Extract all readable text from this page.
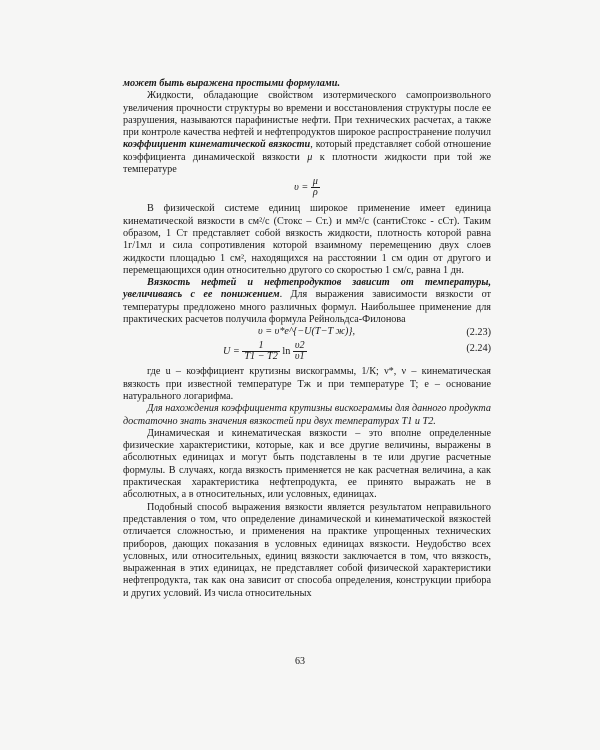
может быть выражена простыми формулами.

Жидкости, обладающие свойством изотермического самопроизвольного увеличения прочности структуры во времени и восстановления структуры после ее разрушения, называются парафинистые нефти. При технических расчетах, а также при контроле качества нефтей и нефтепродуктов широкое распространение получил коэффициент кинематической вязкости, который представляет собой отношение коэффициента динамической вязкости μ к плотности жидкости при той же температуре

$\upsilon = \frac{\mu}{\rho}$

В физической системе единиц широкое применение имеет единица кинематической вязкости в см²/с (Стокс – Ст.) и мм²/с (сантиСтокс - сСт). Таким образом, 1 Ст представляет собой вязкость жидкости, плотность которой равна 1г/1мл и сила сопротивления которой взаимному перемещению двух слоев жидкости площадью 1 см², находящихся на расстоянии 1 см один от другого и перемещающихся один относительно другого со скоростью 1 см/с, равна 1 дн.

Вязкость нефтей и нефтепродуктов зависит от температуры, увеличиваясь с ее понижением. Для выражения зависимости вязкости от температуры предложено много различных формул. Наибольшее применение для практических расчетов получила формула Рейнольдса-Филонова

υ = υ*e^{−U(T−T ж)},	(2.23)
$U = \frac{1}{T1 - T2}$ $\ln \frac{\upsilon 2}{\upsilon 1}$	(2.24)

где u – коэффициент крутизны вискограммы, 1/К; ν*, ν – кинематическая вязкость при известной температуре Tж и при температуре T; e – основание натурального логарифма.

Для нахождения коэффициента крутизны вискограммы для данного продукта достаточно знать значения вязкостей при двух температурах T1 и T2.

Динамическая и кинематическая вязкости – это вполне определенные физические характеристики, которые, как и все другие величины, выражены в абсолютных единицах и могут быть подставлены в те или другие расчетные формулы. В случаях, когда вязкость применяется не как расчетная величина, а как практическая характеристика нефтепродукта, ее принято выражать не в абсолютных, а в относительных, или условных, единицах.

Подобный способ выражения вязкости является результатом неправильного представления о том, что определение динамической и кинематической вязкостей отличается сложностью, и применения на практике упрощенных технических приборов, дающих показания в условных единицах вязкости. Неудобство всех условных, или относительных, единиц вязкости заключается в том, что вязкость, выраженная в этих единицах, не представляет собой физической характеристики нефтепродукта, так как она зависит от способа определения, конструкции прибора и других условий. Из числа относительных

63
